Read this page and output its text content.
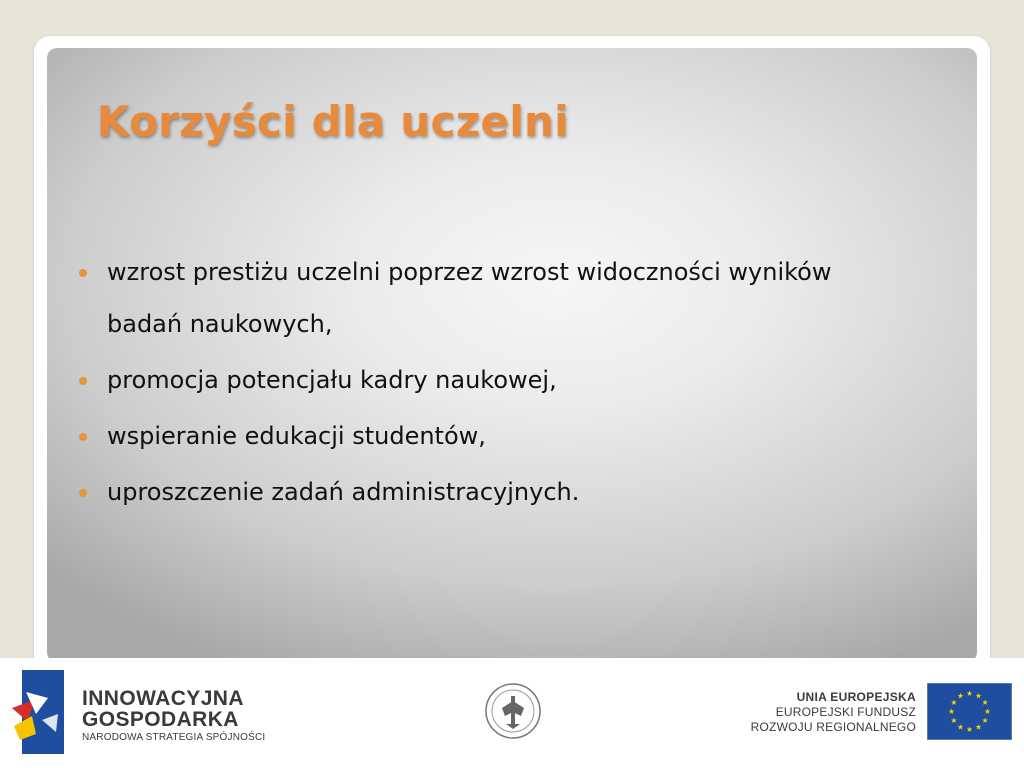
Korzyści dla uczelni
wzrost prestiżu uczelni poprzez wzrost widoczności wyników badań naukowych,
promocja potencjału kadry naukowej,
wspieranie edukacji studentów,
uproszczenie zadań administracyjnych.
INNOWACYJNA
GOSPODARKA
NARODOWA STRATEGIA SPÓJNOŚCI
UNIA EUROPEJSKA
EUROPEJSKI FUNDUSZ
ROZWOJU REGIONALNEGO
